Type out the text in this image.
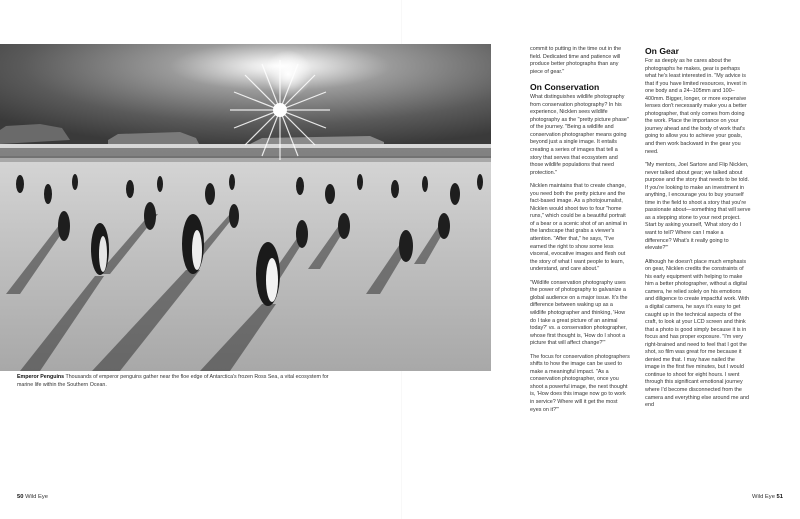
Emperor Penguins Thousands of emperor penguins gather near the floe edge of Antarctica's frozen Ross Sea, a vital ecosystem for marine life within the Southern Ocean.

commit to putting in the time out in the field. Dedicated time and patience will produce better photographs than any piece of gear."

On Conservation

What distinguishes wildlife photography from conservation photography? In his experience, Nicklen sees wildlife photography as the "pretty picture phase" of the journey. "Being a wildlife and conservation photographer means going beyond just a single image. It entails creating a series of images that tell a story that serves that ecosystem and those wildlife populations that need protection."

Nicklen maintains that to create change, you need both the pretty picture and the fact-based image. As a photojournalist, Nicklen would shoot two to four "home runs," which could be a beautiful portrait of a bear or a scenic shot of an animal in the landscape that grabs a viewer's attention. "After that," he says, "I've earned the right to show some less visceral, evocative images and flesh out the story of what I want people to learn, understand, and care about."

"Wildlife conservation photography uses the power of photography to galvanize a global audience on a major issue. It's the difference between waking up as a wildlife photographer and thinking, 'How do I take a great picture of an animal today?' vs. a conservation photographer, whose first thought is, 'How do I shoot a picture that will affect change?'"

The focus for conservation photographers shifts to how the image can be used to make a meaningful impact. "As a conservation photographer, once you shoot a powerful image, the next thought is, 'How does this image now go to work in service? Where will it get the most eyes on it?'"

On Gear

For as deeply as he cares about the photographs he makes, gear is perhaps what he's least interested in. "My advice is that if you have limited resources, invest in one body and a 24–105mm and 100–400mm. Bigger, longer, or more expensive lenses don't necessarily make you a better photographer, that only comes from doing the work. Place the importance on your journey ahead and the body of work that's going to allow you to achieve your goals, and then work backward in the gear you need.

"My mentors, Joel Sartore and Flip Nicklen, never talked about gear; we talked about purpose and the story that needs to be told. If you're looking to make an investment in anything, I encourage you to buy yourself time in the field to shoot a story that you're passionate about—something that will serve as a stepping stone to your next project. Start by asking yourself, 'What story do I want to tell? Where can I make a difference? What's it really going to elevate?'"

Although he doesn't place much emphasis on gear, Nicklen credits the constraints of his early equipment with helping to make him a better photographer, without a digital camera, he relied solely on his emotions and diligence to create impactful work. With a digital camera, he says it's easy to get caught up in the technical aspects of the craft, to look at your LCD screen and think that a photo is good simply because it is in focus and has proper exposure. "I'm very right-brained and need to feel that I got the shot, so film was great for me because it denied me that. I may have nailed the image in the first five minutes, but I would continue to shoot for eight hours. I went through this significant emotional journey where I'd become disconnected from the camera and everything else around me and end

50 Wild Eye	Wild Eye 51
